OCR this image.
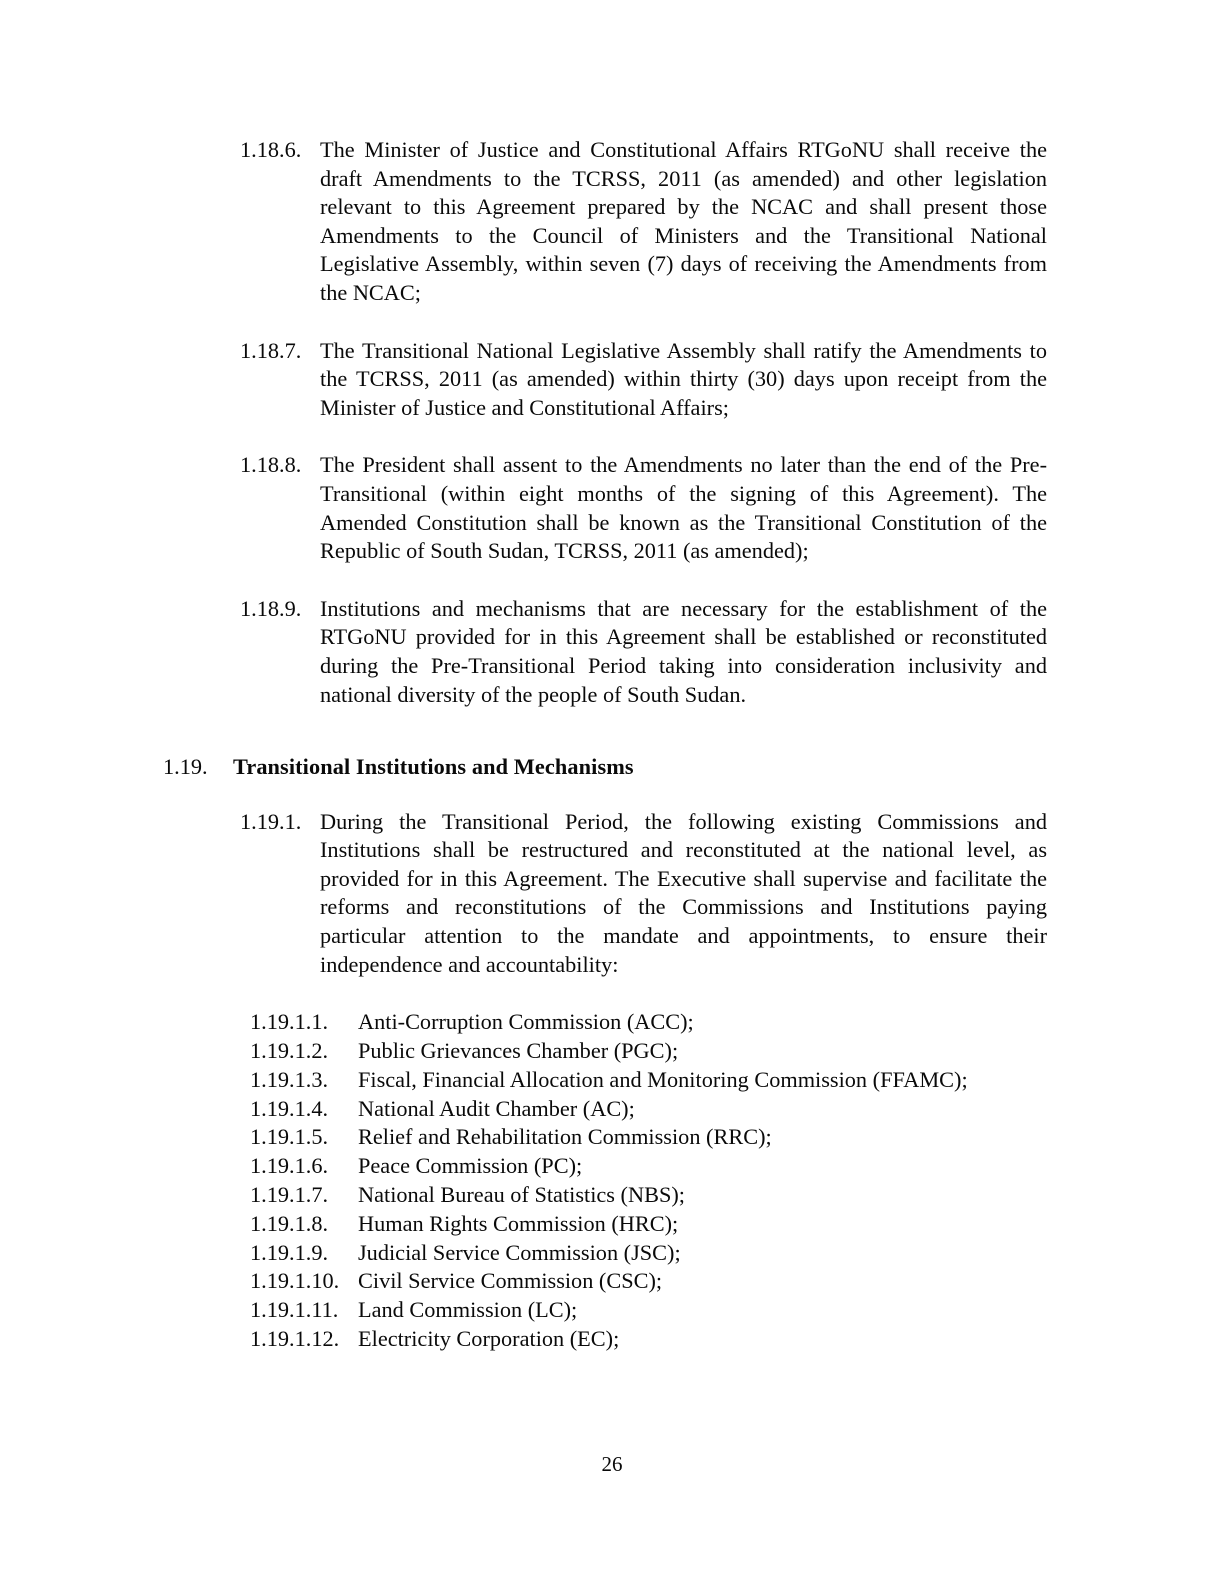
1.18.6. The Minister of Justice and Constitutional Affairs RTGoNU shall receive the draft Amendments to the TCRSS, 2011 (as amended) and other legislation relevant to this Agreement prepared by the NCAC and shall present those Amendments to the Council of Ministers and the Transitional National Legislative Assembly, within seven (7) days of receiving the Amendments from the NCAC;
1.18.7. The Transitional National Legislative Assembly shall ratify the Amendments to the TCRSS, 2011 (as amended) within thirty (30) days upon receipt from the Minister of Justice and Constitutional Affairs;
1.18.8. The President shall assent to the Amendments no later than the end of the Pre-Transitional (within eight months of the signing of this Agreement). The Amended Constitution shall be known as the Transitional Constitution of the Republic of South Sudan, TCRSS, 2011 (as amended);
1.18.9. Institutions and mechanisms that are necessary for the establishment of the RTGoNU provided for in this Agreement shall be established or reconstituted during the Pre-Transitional Period taking into consideration inclusivity and national diversity of the people of South Sudan.
1.19. Transitional Institutions and Mechanisms
1.19.1. During the Transitional Period, the following existing Commissions and Institutions shall be restructured and reconstituted at the national level, as provided for in this Agreement. The Executive shall supervise and facilitate the reforms and reconstitutions of the Commissions and Institutions paying particular attention to the mandate and appointments, to ensure their independence and accountability:
1.19.1.1. Anti-Corruption Commission (ACC);
1.19.1.2. Public Grievances Chamber (PGC);
1.19.1.3. Fiscal, Financial Allocation and Monitoring Commission (FFAMC);
1.19.1.4. National Audit Chamber (AC);
1.19.1.5. Relief and Rehabilitation Commission (RRC);
1.19.1.6. Peace Commission (PC);
1.19.1.7. National Bureau of Statistics (NBS);
1.19.1.8. Human Rights Commission (HRC);
1.19.1.9. Judicial Service Commission (JSC);
1.19.1.10. Civil Service Commission (CSC);
1.19.1.11. Land Commission (LC);
1.19.1.12. Electricity Corporation (EC);
26
